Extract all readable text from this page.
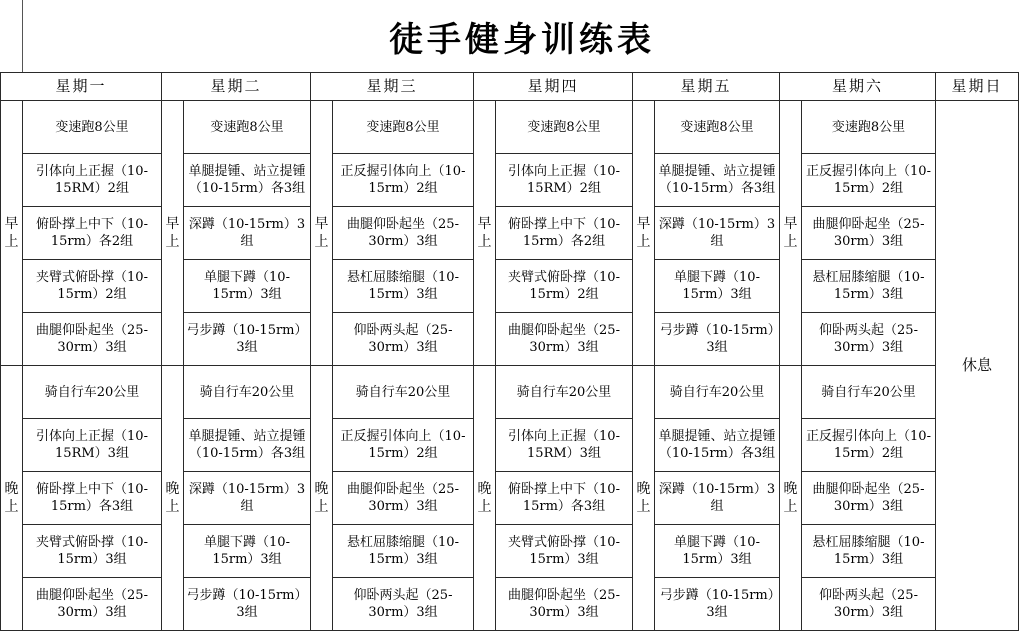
徒手健身训练表
星期一		星期二		星期三		星期四		星期五		星期六		星期日
早上	变速跑8公里	早上	变速跑8公里	早上	变速跑8公里	早上	变速跑8公里	早上	变速跑8公里	早上	变速跑8公里	休息
	引体向上正握（10-15RM）2组		单腿提锺、站立提锺（10-15rm）各3组		正反握引体向上（10-15rm）2组		引体向上正握（10-15RM）2组		单腿提锺、站立提锺（10-15rm）各3组		正反握引体向上（10-15rm）2组	
	俯卧撑上中下（10-15rm）各2组		深蹲（10-15rm）3组		曲腿仰卧起坐（25-30rm）3组		俯卧撑上中下（10-15rm）各2组		深蹲（10-15rm）3组		曲腿仰卧起坐（25-30rm）3组	
	夹臂式俯卧撑（10-15rm）2组		单腿下蹲（10-15rm）3组		悬杠屈膝缩腿（10-15rm）3组		夹臂式俯卧撑（10-15rm）2组		单腿下蹲（10-15rm）3组		悬杠屈膝缩腿（10-15rm）3组	
	曲腿仰卧起坐（25-30rm）3组		弓步蹲（10-15rm）3组		仰卧两头起（25-30rm）3组		曲腿仰卧起坐（25-30rm）3组		弓步蹲（10-15rm）3组		仰卧两头起（25-30rm）3组	
晚上	骑自行车20公里	晚上	骑自行车20公里	晚上	骑自行车20公里	晚上	骑自行车20公里	晚上	骑自行车20公里	晚上	骑自行车20公里	
	引体向上正握（10-15RM）3组		单腿提锺、站立提锺（10-15rm）各3组		正反握引体向上（10-15rm）2组		引体向上正握（10-15RM）3组		单腿提锺、站立提锺（10-15rm）各3组		正反握引体向上（10-15rm）2组	
	俯卧撑上中下（10-15rm）各3组		深蹲（10-15rm）3组		曲腿仰卧起坐（25-30rm）3组		俯卧撑上中下（10-15rm）各3组		深蹲（10-15rm）3组		曲腿仰卧起坐（25-30rm）3组	
	夹臂式俯卧撑（10-15rm）3组		单腿下蹲（10-15rm）3组		悬杠屈膝缩腿（10-15rm）3组		夹臂式俯卧撑（10-15rm）3组		单腿下蹲（10-15rm）3组		悬杠屈膝缩腿（10-15rm）3组	
	曲腿仰卧起坐（25-30rm）3组		弓步蹲（10-15rm）3组		仰卧两头起（25-30rm）3组		曲腿仰卧起坐（25-30rm）3组		弓步蹲（10-15rm）3组		仰卧两头起（25-30rm）3组	
